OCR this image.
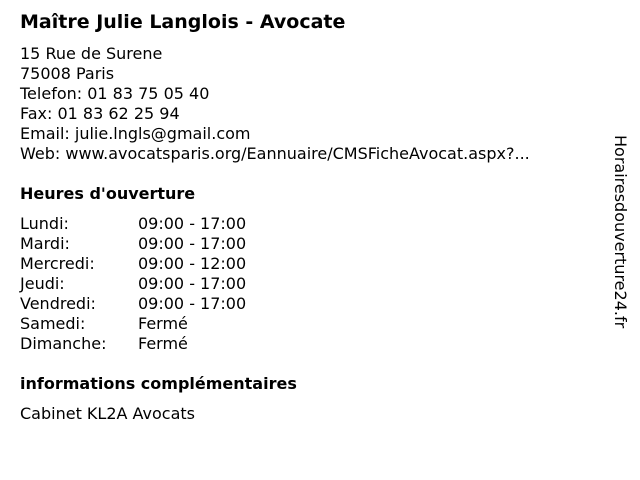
Maître Julie Langlois - Avocate
15 Rue de Surene
75008 Paris
Telefon: 01 83 75 05 40
Fax: 01 83 62 25 94
Email: julie.lngls@gmail.com
Web: www.avocatsparis.org/Eannuaire/CMSFicheAvocat.aspx?...
Heures d'ouverture
Lundi:	09:00 - 17:00
Mardi:	09:00 - 17:00
Mercredi:	09:00 - 12:00
Jeudi:	09:00 - 17:00
Vendredi:	09:00 - 17:00
Samedi:	Fermé
Dimanche:	Fermé
informations complémentaires
Cabinet KL2A Avocats
Horairesdouverture24.fr
